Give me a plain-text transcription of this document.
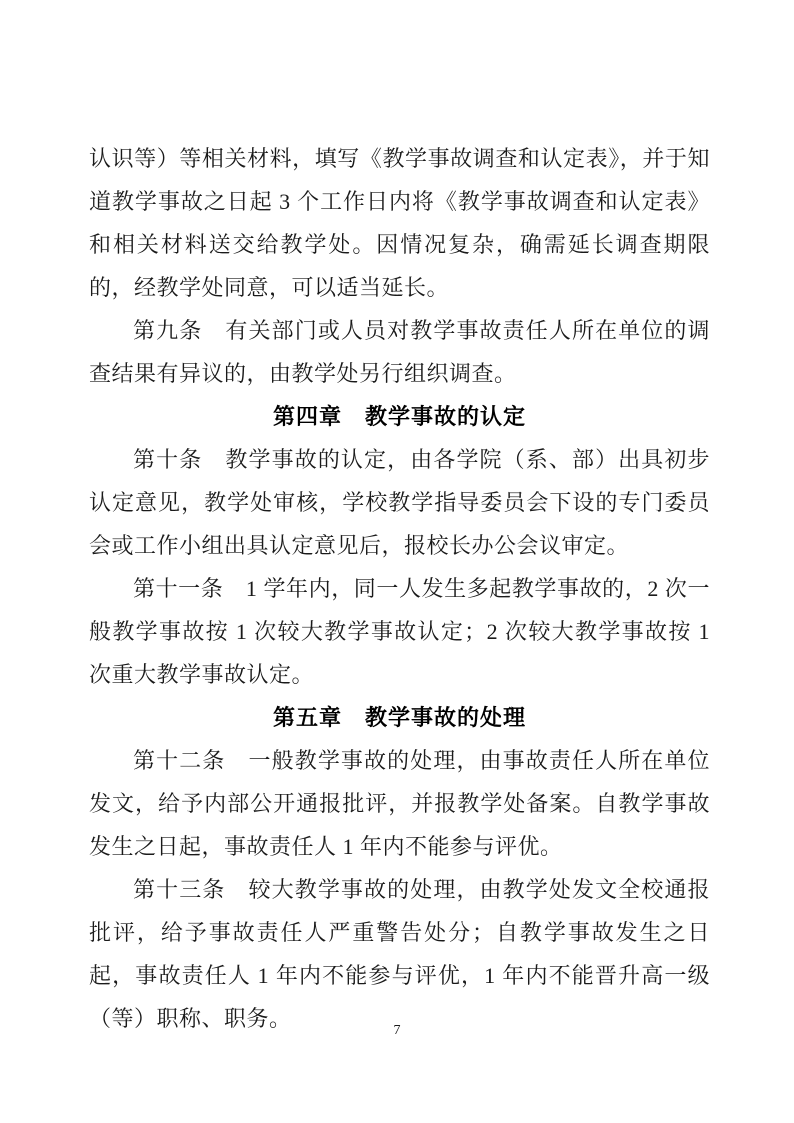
认识等）等相关材料，填写《教学事故调查和认定表》，并于知道教学事故之日起 3 个工作日内将《教学事故调查和认定表》和相关材料送交给教学处。因情况复杂，确需延长调查期限的，经教学处同意，可以适当延长。

第九条　有关部门或人员对教学事故责任人所在单位的调查结果有异议的，由教学处另行组织调查。

第四章　教学事故的认定

第十条　教学事故的认定，由各学院（系、部）出具初步认定意见，教学处审核，学校教学指导委员会下设的专门委员会或工作小组出具认定意见后，报校长办公会议审定。

第十一条　1 学年内，同一人发生多起教学事故的，2 次一般教学事故按 1 次较大教学事故认定；2 次较大教学事故按 1 次重大教学事故认定。

第五章　教学事故的处理

第十二条　一般教学事故的处理，由事故责任人所在单位发文，给予内部公开通报批评，并报教学处备案。自教学事故发生之日起，事故责任人 1 年内不能参与评优。

第十三条　较大教学事故的处理，由教学处发文全校通报批评，给予事故责任人严重警告处分；自教学事故发生之日起，事故责任人 1 年内不能参与评优，1 年内不能晋升高一级（等）职称、职务。	7
